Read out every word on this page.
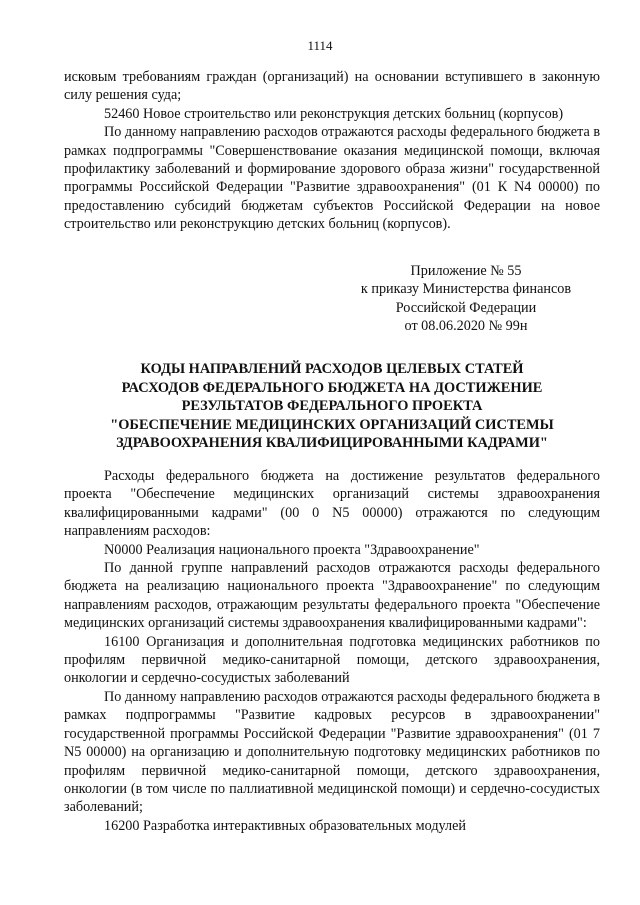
1114

исковым требованиям граждан (организаций) на основании вступившего в законную силу решения суда;

52460 Новое строительство или реконструкция детских больниц (корпусов)

По данному направлению расходов отражаются расходы федерального бюджета в рамках подпрограммы "Совершенствование оказания медицинской помощи, включая профилактику заболеваний и формирование здорового образа жизни" государственной программы Российской Федерации "Развитие здравоохранения" (01 К N4 00000) по предоставлению субсидий бюджетам субъектов Российской Федерации на новое строительство или реконструкцию детских больниц (корпусов).

Приложение № 55
к приказу Министерства финансов
Российской Федерации
от 08.06.2020 № 99н
КОДЫ НАПРАВЛЕНИЙ РАСХОДОВ ЦЕЛЕВЫХ СТАТЕЙ
РАСХОДОВ ФЕДЕРАЛЬНОГО БЮДЖЕТА НА ДОСТИЖЕНИЕ
РЕЗУЛЬТАТОВ ФЕДЕРАЛЬНОГО ПРОЕКТА
"ОБЕСПЕЧЕНИЕ МЕДИЦИНСКИХ ОРГАНИЗАЦИЙ СИСТЕМЫ
ЗДРАВООХРАНЕНИЯ КВАЛИФИЦИРОВАННЫМИ КАДРАМИ"

Расходы федерального бюджета на достижение результатов федерального проекта "Обеспечение медицинских организаций системы здравоохранения квалифицированными кадрами" (00 0 N5 00000) отражаются по следующим направлениям расходов:

N0000 Реализация национального проекта "Здравоохранение"

По данной группе направлений расходов отражаются расходы федерального бюджета на реализацию национального проекта "Здравоохранение" по следующим направлениям расходов, отражающим результаты федерального проекта "Обеспечение медицинских организаций системы здравоохранения квалифицированными кадрами":

16100 Организация и дополнительная подготовка медицинских работников по профилям первичной медико-санитарной помощи, детского здравоохранения, онкологии и сердечно-сосудистых заболеваний

По данному направлению расходов отражаются расходы федерального бюджета в рамках подпрограммы "Развитие кадровых ресурсов в здравоохранении" государственной программы Российской Федерации "Развитие здравоохранения" (01 7 N5 00000) на организацию и дополнительную подготовку медицинских работников по профилям первичной медико-санитарной помощи, детского здравоохранения, онкологии (в том числе по паллиативной медицинской помощи) и сердечно-сосудистых заболеваний;

16200 Разработка интерактивных образовательных модулей
